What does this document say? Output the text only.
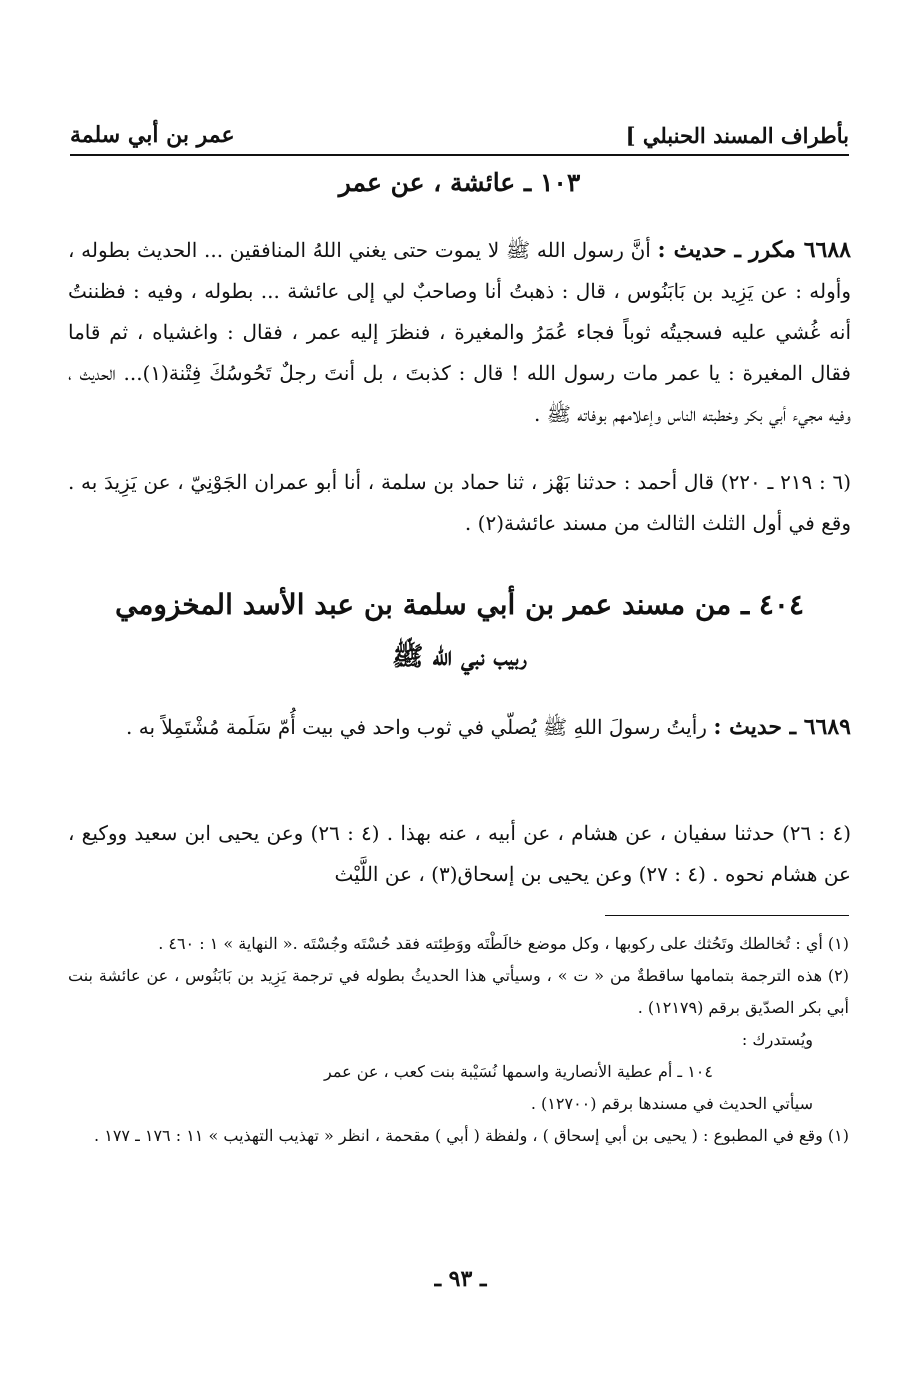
بأطراف المسند الحنبلي ]
عمر بن أبي سلمة
١٠٣ ـ عائشة ، عن عمر
٦٦٨٨ مكرر ـ حديث : أنَّ رسول الله ﷺ لا يموت حتى يغني اللهُ المنافقين ... الحديث بطوله ، وأوله : عن يَزِيد بن بَابَنُوس ، قال : ذهبتُ أنا وصاحبٌ لي إلى عائشة ... بطوله ، وفيه : فظننتُ أنه غُشي عليه فسجيتُه ثوباً فجاء عُمَرُ والمغيرة ، فنظرَ إليه عمر ، فقال : واغشياه ، ثم قاما فقال المغيرة : يا عمر مات رسول الله ! قال : كذبتَ ، بل أنتَ رجلٌ تَحُوسُكَ فِتْنة(١)... الحديث ، وفيه مجيء أبي بكر وخطبته الناس وإعلامهم بوفاته ﷺ .
(٦ : ٢١٩ ـ ٢٢٠) قال أحمد : حدثنا بَهْز ، ثنا حماد بن سلمة ، أنا أبو عمران الجَوْنِيّ ، عن يَزِيدَ به . وقع في أول الثلث الثالث من مسند عائشة(٢) .
٤٠٤ ـ من مسند عمر بن أبي سلمة بن عبد الأسد المخزومي
ربيب نبي الله ﷺ
٦٦٨٩ ـ حديث : رأيتُ رسولَ اللهِ ﷺ يُصلّي في ثوب واحد في بيت أُمّ سَلَمة مُشْتَمِلاً به .
(٤ : ٢٦) حدثنا سفيان ، عن هشام ، عن أبيه ، عنه بهذا . (٤ : ٢٦) وعن يحيى ابن سعيد ووكيع ، عن هشام نحوه . (٤ : ٢٧) وعن يحيى بن إسحاق(٣) ، عن اللَّيْث

(١) أي : تُخالطك وتَحُثك على ركوبها ، وكل موضع خالَطْتَه ووَطِئته فقد حُسْتَه وجُسْتَه .« النهاية » ١ : ٤٦٠ .

(٢) هذه الترجمة بتمامها ساقطةٌ من « ت » ، وسيأتي هذا الحديثُ بطوله في ترجمة يَزِيد بن بَابَنُوس ، عن عائشة بنت أبي بكر الصدّيق برقم (١٢١٧٩) .

ويُستدرك :

١٠٤ ـ أم عطية الأنصارية واسمها نُسَيْبة بنت كعب ، عن عمر

سيأتي الحديث في مسندها برقم (١٢٧٠٠) .

(١) وقع في المطبوع : ( يحيى بن أبي إسحاق ) ، ولفظة ( أبي ) مقحمة ، انظر « تهذيب التهذيب » ١١ : ١٧٦ ـ ١٧٧ .

ـ ٩٣ ـ
